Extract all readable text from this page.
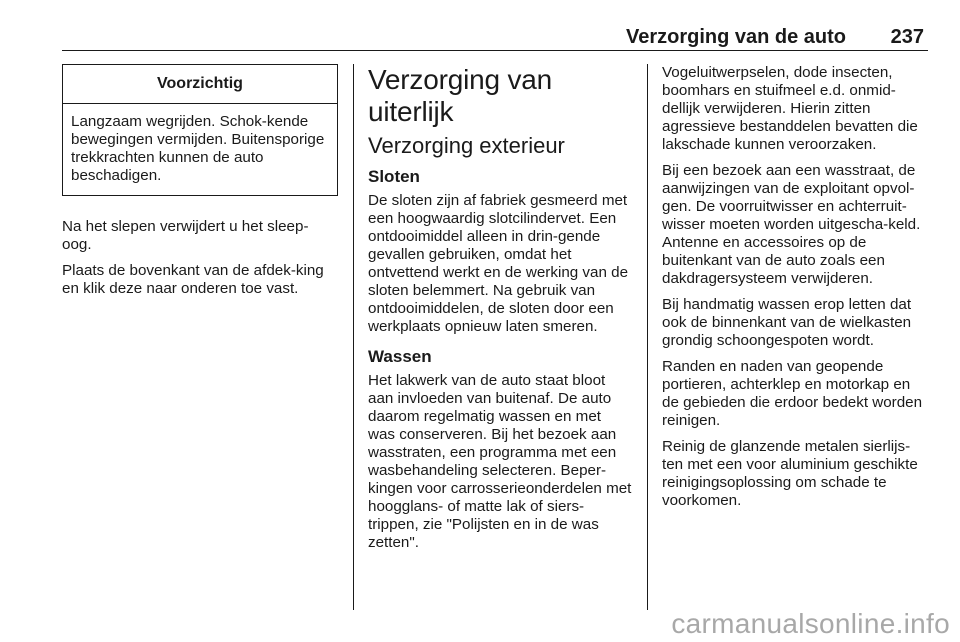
Verzorging van de auto 237
Voorzichtig
Langzaam wegrijden. Schok-kende bewegingen vermijden. Buitensporige trekkrachten kunnen de auto beschadigen.

Na het slepen verwijdert u het sleep-oog.

Plaats de bovenkant van de afdek-king en klik deze naar onderen toe vast.

Verzorging van uiterlijk
Verzorging exterieur
Sloten

De sloten zijn af fabriek gesmeerd met een hoogwaardig slotcilindervet. Een ontdooimiddel alleen in drin-gende gevallen gebruiken, omdat het ontvettend werkt en de werking van de sloten belemmert. Na gebruik van ontdooimiddelen, de sloten door een werkplaats opnieuw laten smeren.

Wassen

Het lakwerk van de auto staat bloot aan invloeden van buitenaf. De auto daarom regelmatig wassen en met was conserveren. Bij het bezoek aan wasstraten, een programma met een wasbehandeling selecteren. Beper-kingen voor carrosserieonderdelen met hoogglans- of matte lak of siers-trippen, zie "Polijsten en in de was zetten".

Vogeluitwerpselen, dode insecten, boomhars en stuifmeel e.d. onmid-dellijk verwijderen. Hierin zitten agressieve bestanddelen bevatten die lakschade kunnen veroorzaken.

Bij een bezoek aan een wasstraat, de aanwijzingen van de exploitant opvol-gen. De voorruitwisser en achterruit-wisser moeten worden uitgescha-keld. Antenne en accessoires op de buitenkant van de auto zoals een dakdragersysteem verwijderen.

Bij handmatig wassen erop letten dat ook de binnenkant van de wielkasten grondig schoongespoten wordt.

Randen en naden van geopende portieren, achterklep en motorkap en de gebieden die erdoor bedekt worden reinigen.

Reinig de glanzende metalen sierlijs-ten met een voor aluminium geschikte reinigingsoplossing om schade te voorkomen.

carmanualsonline.info
